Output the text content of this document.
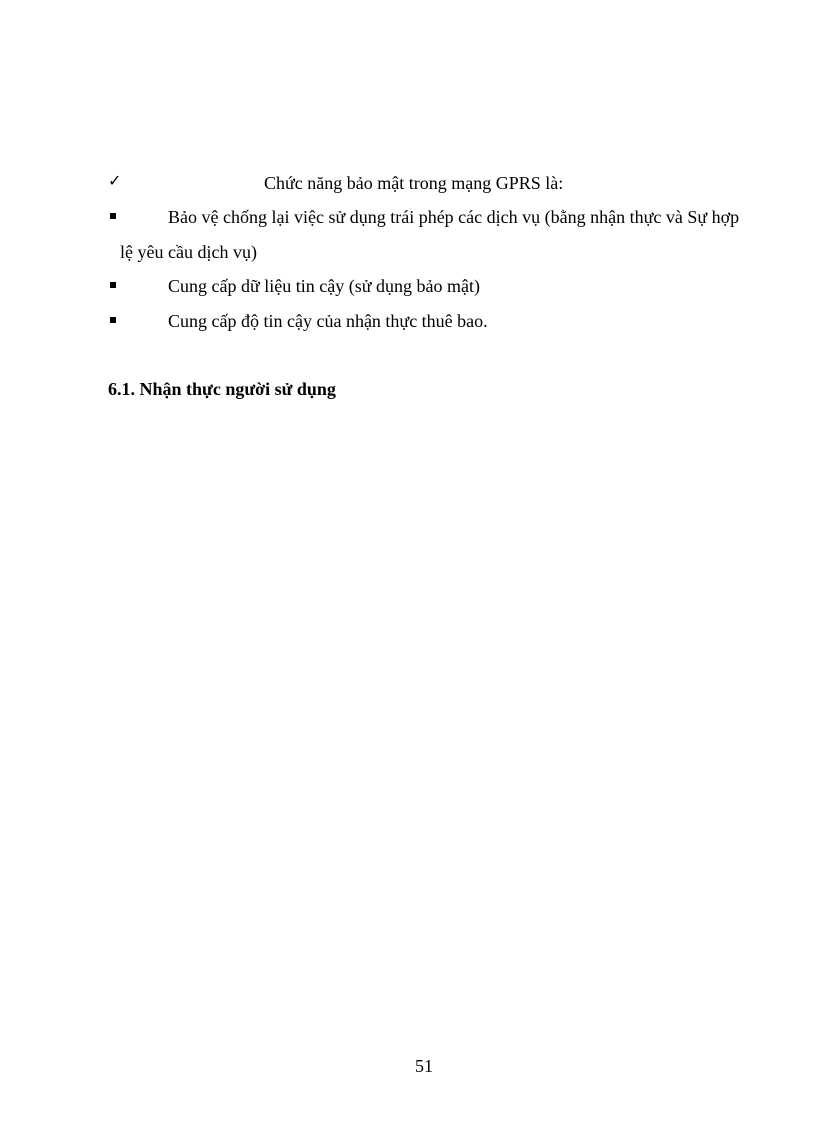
✓	Chức năng bảo mật trong mạng GPRS là:
Bảo vệ chống lại việc sử dụng trái phép các dịch vụ (bằng nhận thực và Sự hợp
lệ yêu cầu dịch vụ)
Cung cấp dữ liệu tin cậy (sử dụng bảo mật)
Cung cấp độ tin cậy của nhận thực thuê bao.
6.1. Nhận thực người sử dụng
51
